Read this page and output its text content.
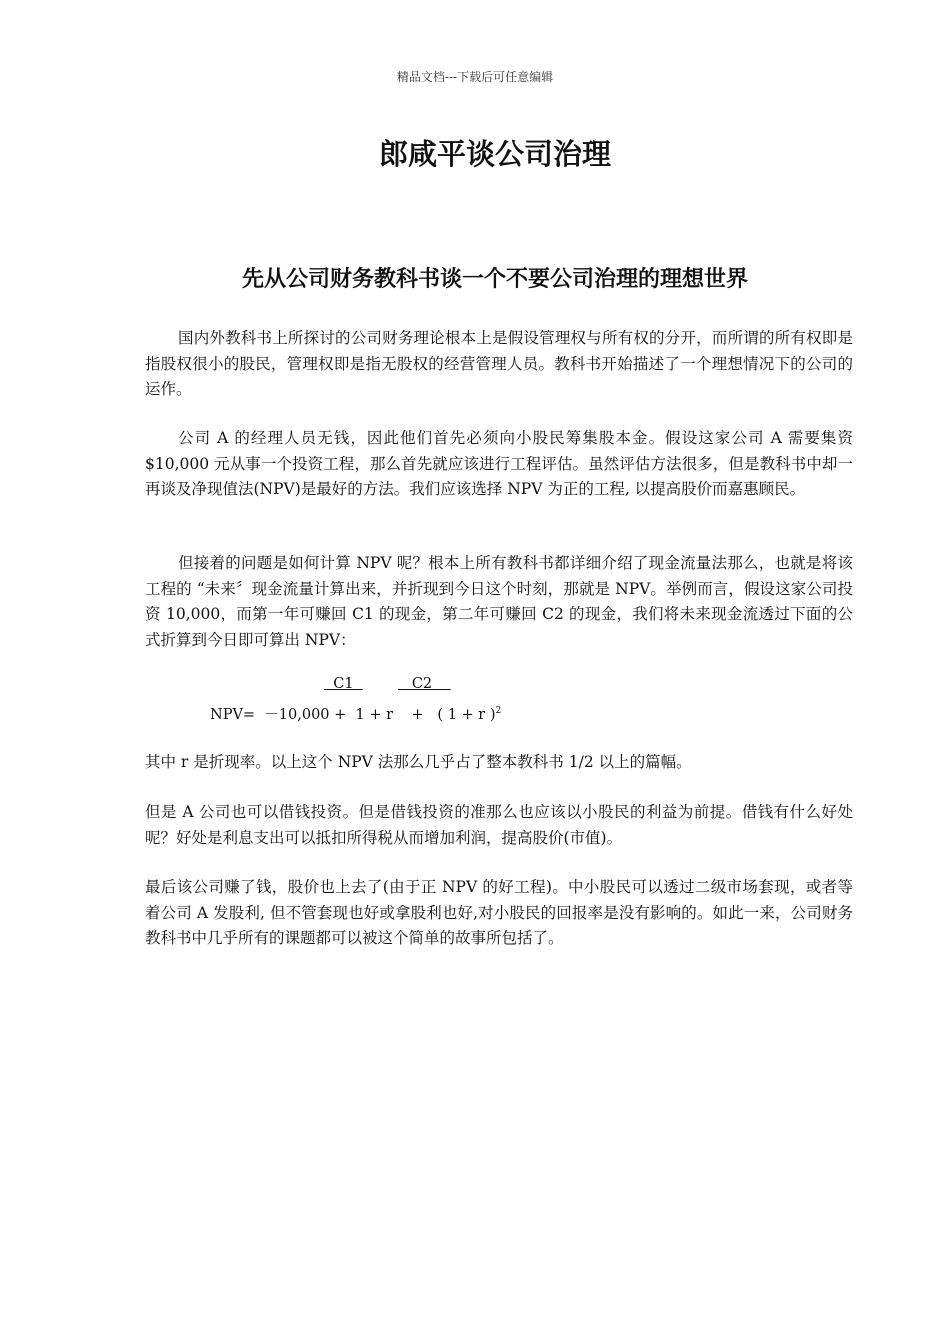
精品文档---下载后可任意编辑
郎咸平谈公司治理
先从公司财务教科书谈一个不要公司治理的理想世界

国内外教科书上所探讨的公司财务理论根本上是假设管理权与所有权的分开，而所谓的所有权即是指股权很小的股民，管理权即是指无股权的经营管理人员。教科书开始描述了一个理想情况下的公司的运作。

公司 A 的经理人员无钱，因此他们首先必须向小股民筹集股本金。假设这家公司 A 需要集资 $10,000 元从事一个投资工程，那么首先就应该进行工程评估。虽然评估方法很多，但是教科书中却一再谈及净现值法(NPV)是最好的方法。我们应该选择 NPV 为正的工程, 以提高股价而嘉惠顾民。

但接着的问题是如何计算 NPV 呢？根本上所有教科书都详细介绍了现金流量法那么，也就是将该工程的 “未来〞现金流量计算出来，并折现到今日这个时刻，那就是 NPV。举例而言，假设这家公司投资 10,000，而第一年可赚回 C1 的现金，第二年可赚回 C2 的现金，我们将未来现金流透过下面的公式折算到今日即可算出 NPV：

C1 C2
NPV=  －10,000 +  1 + r    +   ( 1 + r )$^2$

其中 r 是折现率。以上这个 NPV 法那么几乎占了整本教科书 1/2 以上的篇幅。

但是 A 公司也可以借钱投资。但是借钱投资的准那么也应该以小股民的利益为前提。借钱有什么好处呢？好处是利息支出可以抵扣所得税从而增加利润，提高股价(市值)。

最后该公司赚了钱，股价也上去了(由于正 NPV 的好工程)。中小股民可以透过二级市场套现，或者等着公司 A 发股利, 但不管套现也好或拿股利也好,对小股民的回报率是没有影响的。如此一来，公司财务教科书中几乎所有的课题都可以被这个简单的故事所包括了。
